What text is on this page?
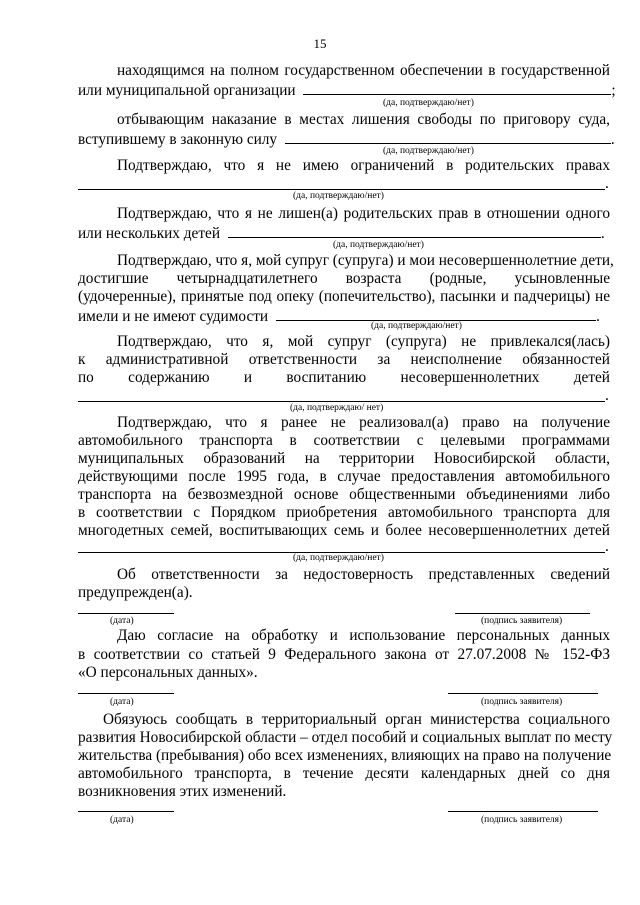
15
находящимся на полном государственном обеспечении в государственной
или муниципальной организации	;
(да, подтверждаю/нет)
отбывающим наказание в местах лишения свободы по приговору суда,
вступившему в законную силу	.
(да, подтверждаю/нет)
Подтверждаю, что я не имею ограничений в родительских правах
.
(да, подтверждаю/нет)
Подтверждаю, что я не лишен(а) родительских прав в отношении одного
или нескольких детей	.
(да, подтверждаю/нет)
Подтверждаю, что я, мой супруг (супруга) и мои несовершеннолетние дети,
достигшие четырнадцатилетнего возраста (родные, усыновленные
(удочеренные), принятые под опеку (попечительство), пасынки и падчерицы) не
имели и не имеют судимости	.
(да, подтверждаю/нет)
Подтверждаю, что я, мой супруг (супруга) не привлекался(лась)
к административной ответственности за неисполнение обязанностей
по содержанию и воспитанию несовершеннолетних детей
.
(да, подтверждаю/ нет)
Подтверждаю, что я ранее не реализовал(а) право на получение
автомобильного транспорта в соответствии с целевыми программами
муниципальных образований на территории Новосибирской области,
действующими после 1995 года, в случае предоставления автомобильного
транспорта на безвозмездной основе общественными объединениями либо
в соответствии с Порядком приобретения автомобильного транспорта для
многодетных семей, воспитывающих семь и более несовершеннолетних детей
.
(да, подтверждаю/нет)
Об ответственности за недостоверность представленных сведений
предупрежден(а).
(дата)	(подпись заявителя)
Даю согласие на обработку и использование персональных данных
в соответствии со статьей 9 Федерального закона от 27.07.2008 № 152-ФЗ
«О персональных данных».
(дата)	(подпись заявителя)
Обязуюсь сообщать в территориальный орган министерства социального
развития Новосибирской области – отдел пособий и социальных выплат по месту
жительства (пребывания) обо всех изменениях, влияющих на право на получение
автомобильного транспорта, в течение десяти календарных дней со дня
возникновения этих изменений.
(дата)	(подпись заявителя)
